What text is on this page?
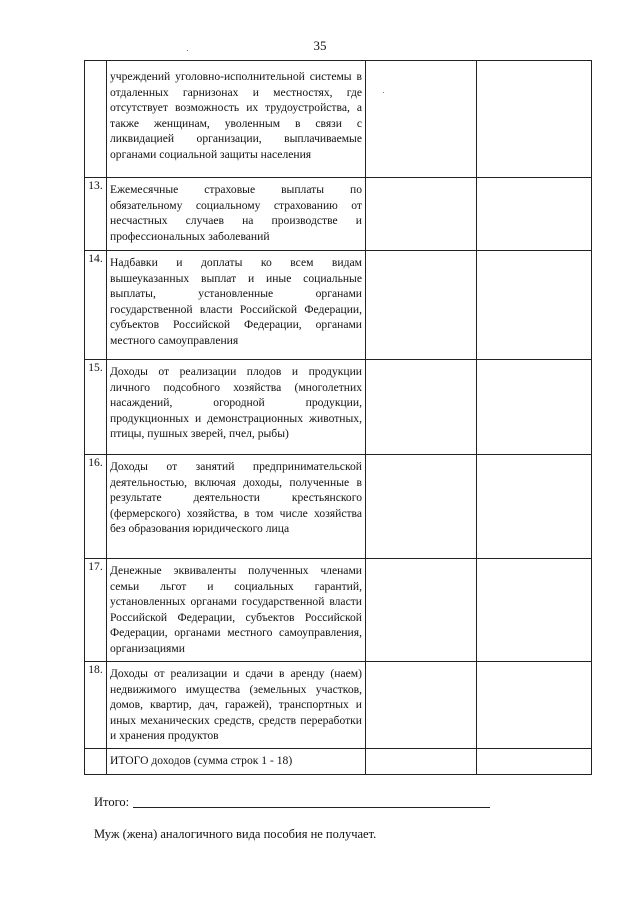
35

	учреждений уголовно-исполнительной системы в отдаленных гарнизонах и местностях, где отсутствует возможность их трудоустройства, а также женщинам, уволенным в связи с ликвидацией организации, выплачиваемые органами социальной защиты населения		

13.	Ежемесячные страховые выплаты по обязательному социальному страхованию от несчастных случаев на производстве и профессиональных заболеваний		

14.	Надбавки и доплаты ко всем видам вышеуказанных выплат и иные социальные выплаты, установленные органами государственной власти Российской Федерации, субъектов Российской Федерации, органами местного самоуправления		

15.	Доходы от реализации плодов и продукции личного подсобного хозяйства (многолетних насаждений, огородной продукции, продукционных и демонстрационных животных, птицы, пушных зверей, пчел, рыбы)		

16.	Доходы от занятий предпринимательской деятельностью, включая доходы, полученные в результате деятельности крестьянского (фермерского) хозяйства, в том числе хозяйства без образования юридического лица		

17.	Денежные эквиваленты полученных членами семьи льгот и социальных гарантий, установленных органами государственной власти Российской Федерации, субъектов Российской Федерации, органами местного самоуправления, организациями		

18.	Доходы от реализации и сдачи в аренду (наем) недвижимого имущества (земельных участков, домов, квартир, дач, гаражей), транспортных и иных механических средств, средств переработки и хранения продуктов		

	ИТОГО доходов (сумма строк 1 - 18)		

Итого:
Муж (жена) аналогичного вида пособия не получает.
